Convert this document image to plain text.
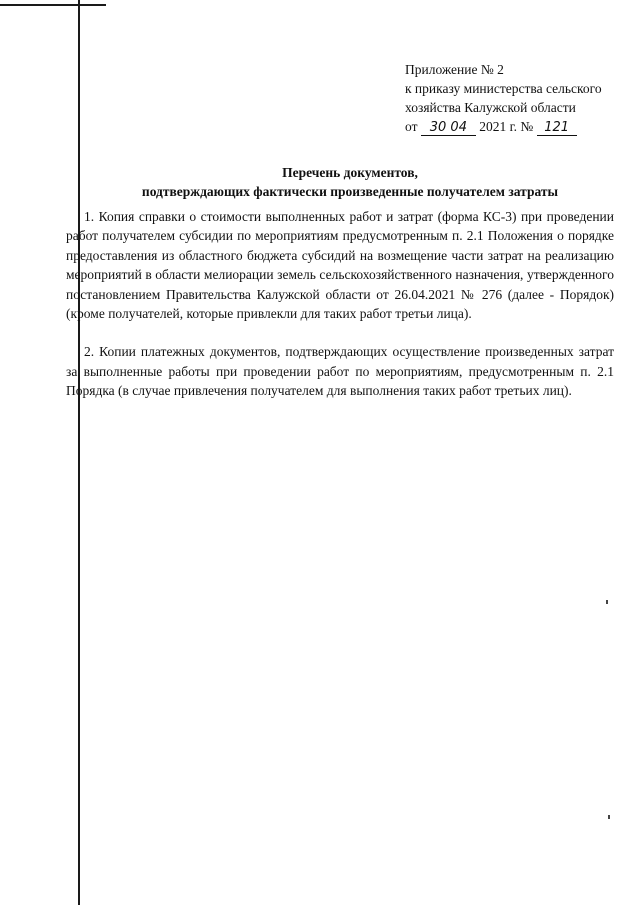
Приложение № 2
к приказу министерства сельского
хозяйства Калужской области
от 30 04 2021 г. № 121
Перечень документов,
подтверждающих фактически произведенные получателем затраты

1. Копия справки о стоимости выполненных работ и затрат (форма КС-3) при проведении работ получателем субсидии по мероприятиям предусмотренным п. 2.1 Положения о порядке предоставления из областного бюджета субсидий на возмещение части затрат на реализацию мероприятий в области мелиорации земель сельскохозяйственного назначения, утвержденного постановлением Правительства Калужской области от 26.04.2021 № 276 (далее - Порядок) (кроме получателей, которые привлекли для таких работ третьи лица).

2. Копии платежных документов, подтверждающих осуществление произведенных затрат за выполненные работы при проведении работ по мероприятиям, предусмотренным п. 2.1 Порядка (в случае привлечения получателем для выполнения таких работ третьих лиц).
